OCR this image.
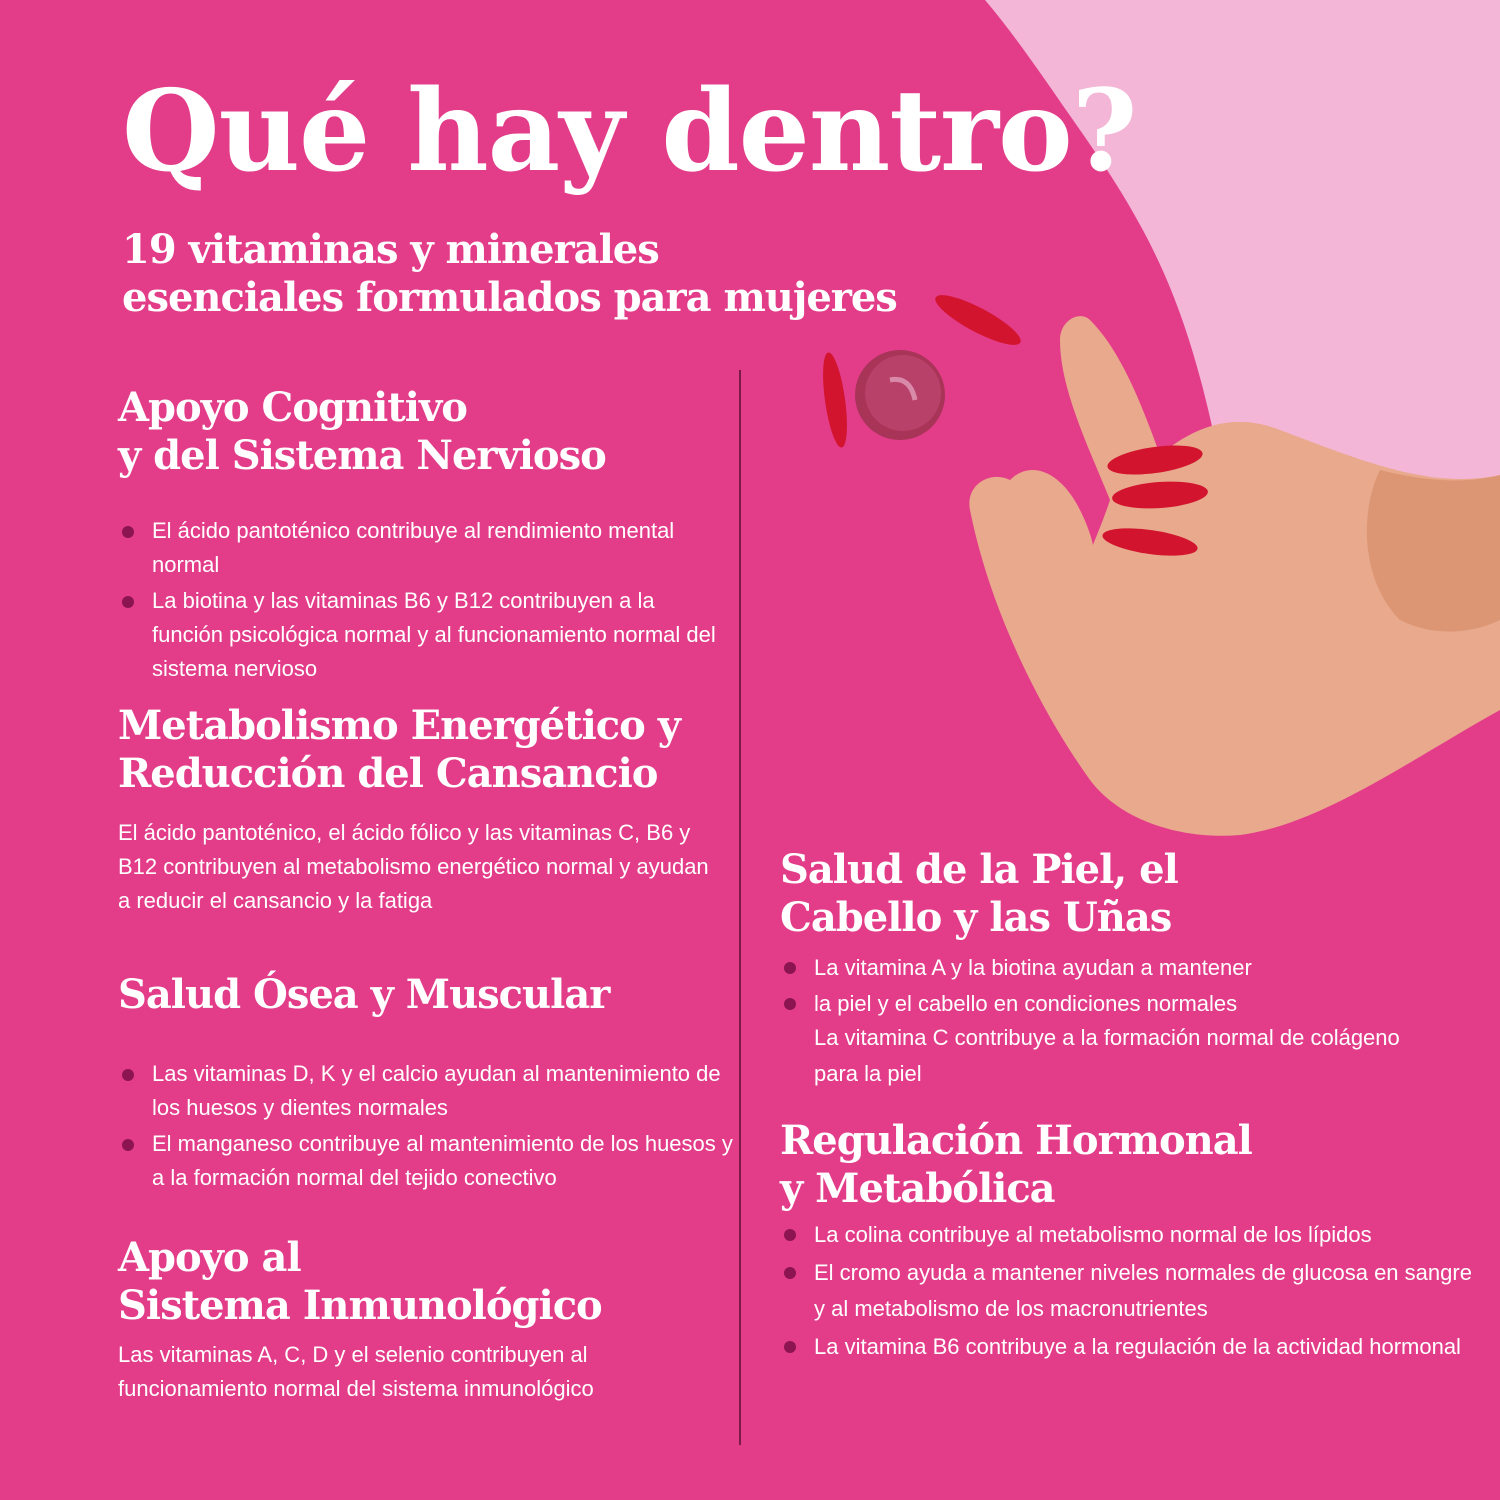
Qué hay dentro?
19 vitaminas y minerales
esenciales formulados para mujeres
Apoyo Cognitivo
y del Sistema Nervioso
El ácido pantoténico contribuye al rendimiento mental normal
La biotina y las vitaminas B6 y B12 contribuyen a la función psicológica normal y al funcionamiento normal del sistema nervioso
Metabolismo Energético y
Reducción del Cansancio

El ácido pantoténico, el ácido fólico y las vitaminas C, B6 y B12 contribuyen al metabolismo energético normal y ayudan a reducir el cansancio y la fatiga

Salud Ósea y Muscular
Las vitaminas D, K y el calcio ayudan al mantenimiento de los huesos y dientes normales
El manganeso contribuye al mantenimiento de los huesos y a la formación normal del tejido conectivo
Apoyo al
Sistema Inmunológico

Las vitaminas A, C, D y el selenio contribuyen al funcionamiento normal del sistema inmunológico

Salud de la Piel, el
Cabello y las Uñas
La vitamina A y la biotina ayudan a mantener
la piel y el cabello en condiciones normales
La vitamina C contribuye a la formación normal de colágeno para la piel
Regulación Hormonal
y Metabólica
La colina contribuye al metabolismo normal de los lípidos
El cromo ayuda a mantener niveles normales de glucosa en sangre y al metabolismo de los macronutrientes
La vitamina B6 contribuye a la regulación de la actividad hormonal
